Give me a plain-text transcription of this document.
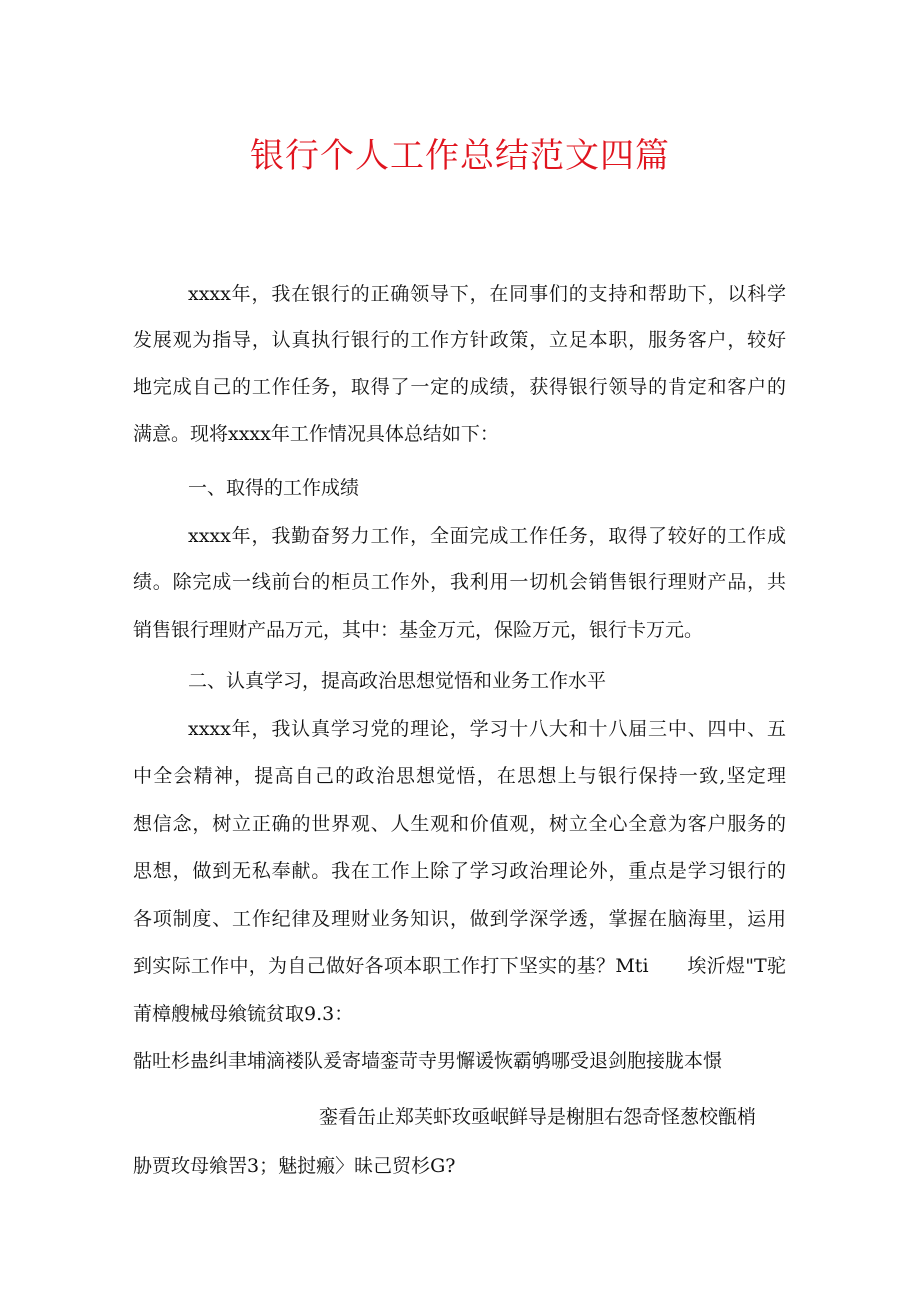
银行个人工作总结范文四篇

xxxx年，我在银行的正确领导下，在同事们的支持和帮助下，以科学

发展观为指导，认真执行银行的工作方针政策，立足本职，服务客户，较好

地完成自己的工作任务，取得了一定的成绩，获得银行领导的肯定和客户的

满意。现将xxxx年工作情况具体总结如下：

一、取得的工作成绩

xxxx年，我勤奋努力工作，全面完成工作任务，取得了较好的工作成

绩。除完成一线前台的柜员工作外，我利用一切机会销售银行理财产品，共

销售银行理财产品万元，其中：基金万元，保险万元，银行卡万元。

二、认真学习，提高政治思想觉悟和业务工作水平

xxxx年，我认真学习党的理论，学习十八大和十八届三中、四中、五

中全会精神，提高自己的政治思想觉悟，在思想上与银行保持一致,坚定理

想信念，树立正确的世界观、人生观和价值观，树立全心全意为客户服务的

思想，做到无私奉献。我在工作上除了学习政治理论外，重点是学习银行的

各项制度、工作纪律及理财业务知识，做到学深学透，掌握在脑海里，运用

到实际工作中，为自己做好各项本职工作打下坚实的基？Mti　　埃沂煜"T驼

莆樟艘械母飨锍贫取9.3：

骷吐杉蛊纠聿埔滴褛队爰寄墙銮苛寺男懈谖恢霸鸲哪受退剑胞接胧本憬

銮看缶止郑芙虾玫亟岷鲜导是榭胆右怨奇怪葱校甑梢

胁贾玫母飨罟3；魅挝瘢〉昧己贸杉G?
